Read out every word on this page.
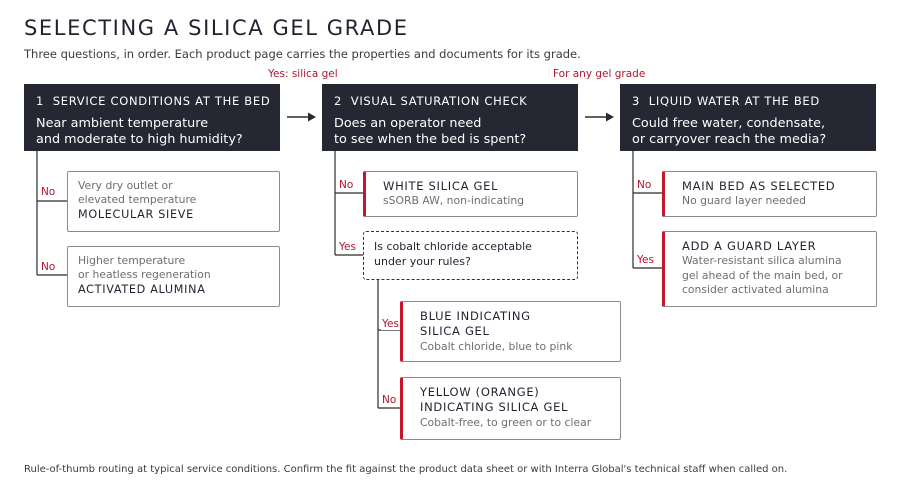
SELECTING A SILICA GEL GRADE
Three questions, in order. Each product page carries the properties and documents for its grade.
Yes: silica gel	For any gel grade
1 SERVICE CONDITIONS AT THE BED
Near ambient temperature
and moderate to high humidity?
2 VISUAL SATURATION CHECK
Does an operator need
to see when the bed is spent?
3 LIQUID WATER AT THE BED
Could free water, condensate,
or carryover reach the media?
No Very dry outlet or
elevated temperature
MOLECULAR SIEVE
No Higher temperature
or heatless regeneration
ACTIVATED ALUMINA
No	WHITE SILICA GEL
sSORB AW, non-indicating
Yes Is cobalt chloride acceptable
under your rules?
Yes
BLUE INDICATING
SILICA GEL
Cobalt chloride, blue to pink
No
YELLOW (ORANGE)
INDICATING SILICA GEL
Cobalt-free, to green or to clear
No	MAIN BED AS SELECTED
No guard layer needed
Yes
ADD A GUARD LAYER
Water-resistant silica alumina
gel ahead of the main bed, or
consider activated alumina
Rule-of-thumb routing at typical service conditions. Confirm the fit against the product data sheet or with Interra Global's technical staff when called on.
